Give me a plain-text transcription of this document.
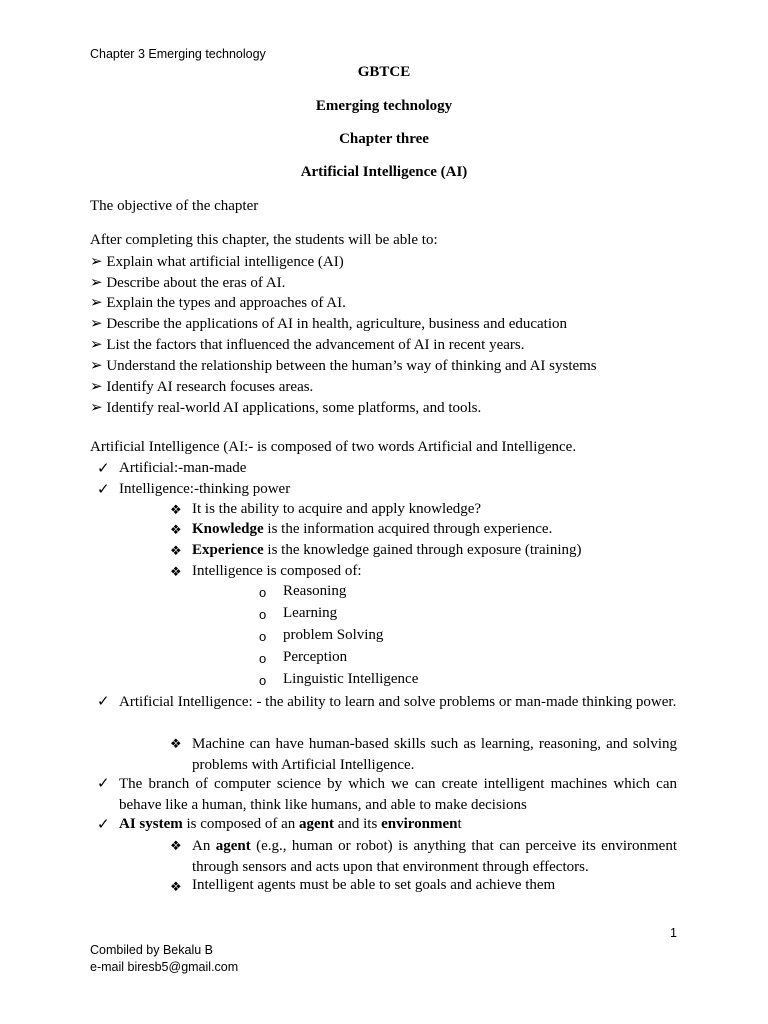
Chapter 3 Emerging technology
GBTCE
Emerging technology
Chapter three
Artificial Intelligence (AI)
The objective of the chapter
After completing this chapter, the students will be able to:
➢ Explain what artificial intelligence (AI)
➢ Describe about the eras of AI.
➢ Explain the types and approaches of AI.
➢ Describe the applications of AI in health, agriculture, business and education
➢ List the factors that influenced the advancement of AI in recent years.
➢ Understand the relationship between the human’s way of thinking and AI systems
➢ Identify AI research focuses areas.
➢ Identify real-world AI applications, some platforms, and tools.
Artificial Intelligence (AI:- is composed of two words Artificial and Intelligence.
✓ Artificial:-man-made
✓ Intelligence:-thinking power
❖ It is the ability to acquire and apply knowledge?
❖ Knowledge is the information acquired through experience.
❖ Experience is the knowledge gained through exposure (training)
❖ Intelligence is composed of:
o Reasoning
o Learning
o problem Solving
o Perception
o Linguistic Intelligence
✓ Artificial Intelligence: - the ability to learn and solve problems or man-made thinking power.
❖ Machine can have human-based skills such as learning, reasoning, and solving problems with Artificial Intelligence.
✓ The branch of computer science by which we can create intelligent machines which can behave like a human, think like humans, and able to make decisions
✓ AI system is composed of an agent and its environment
❖ An agent (e.g., human or robot) is anything that can perceive its environment through sensors and acts upon that environment through effectors.
❖ Intelligent agents must be able to set goals and achieve them
1
Combiled by Bekalu B
e-mail biresb5@gmail.com
